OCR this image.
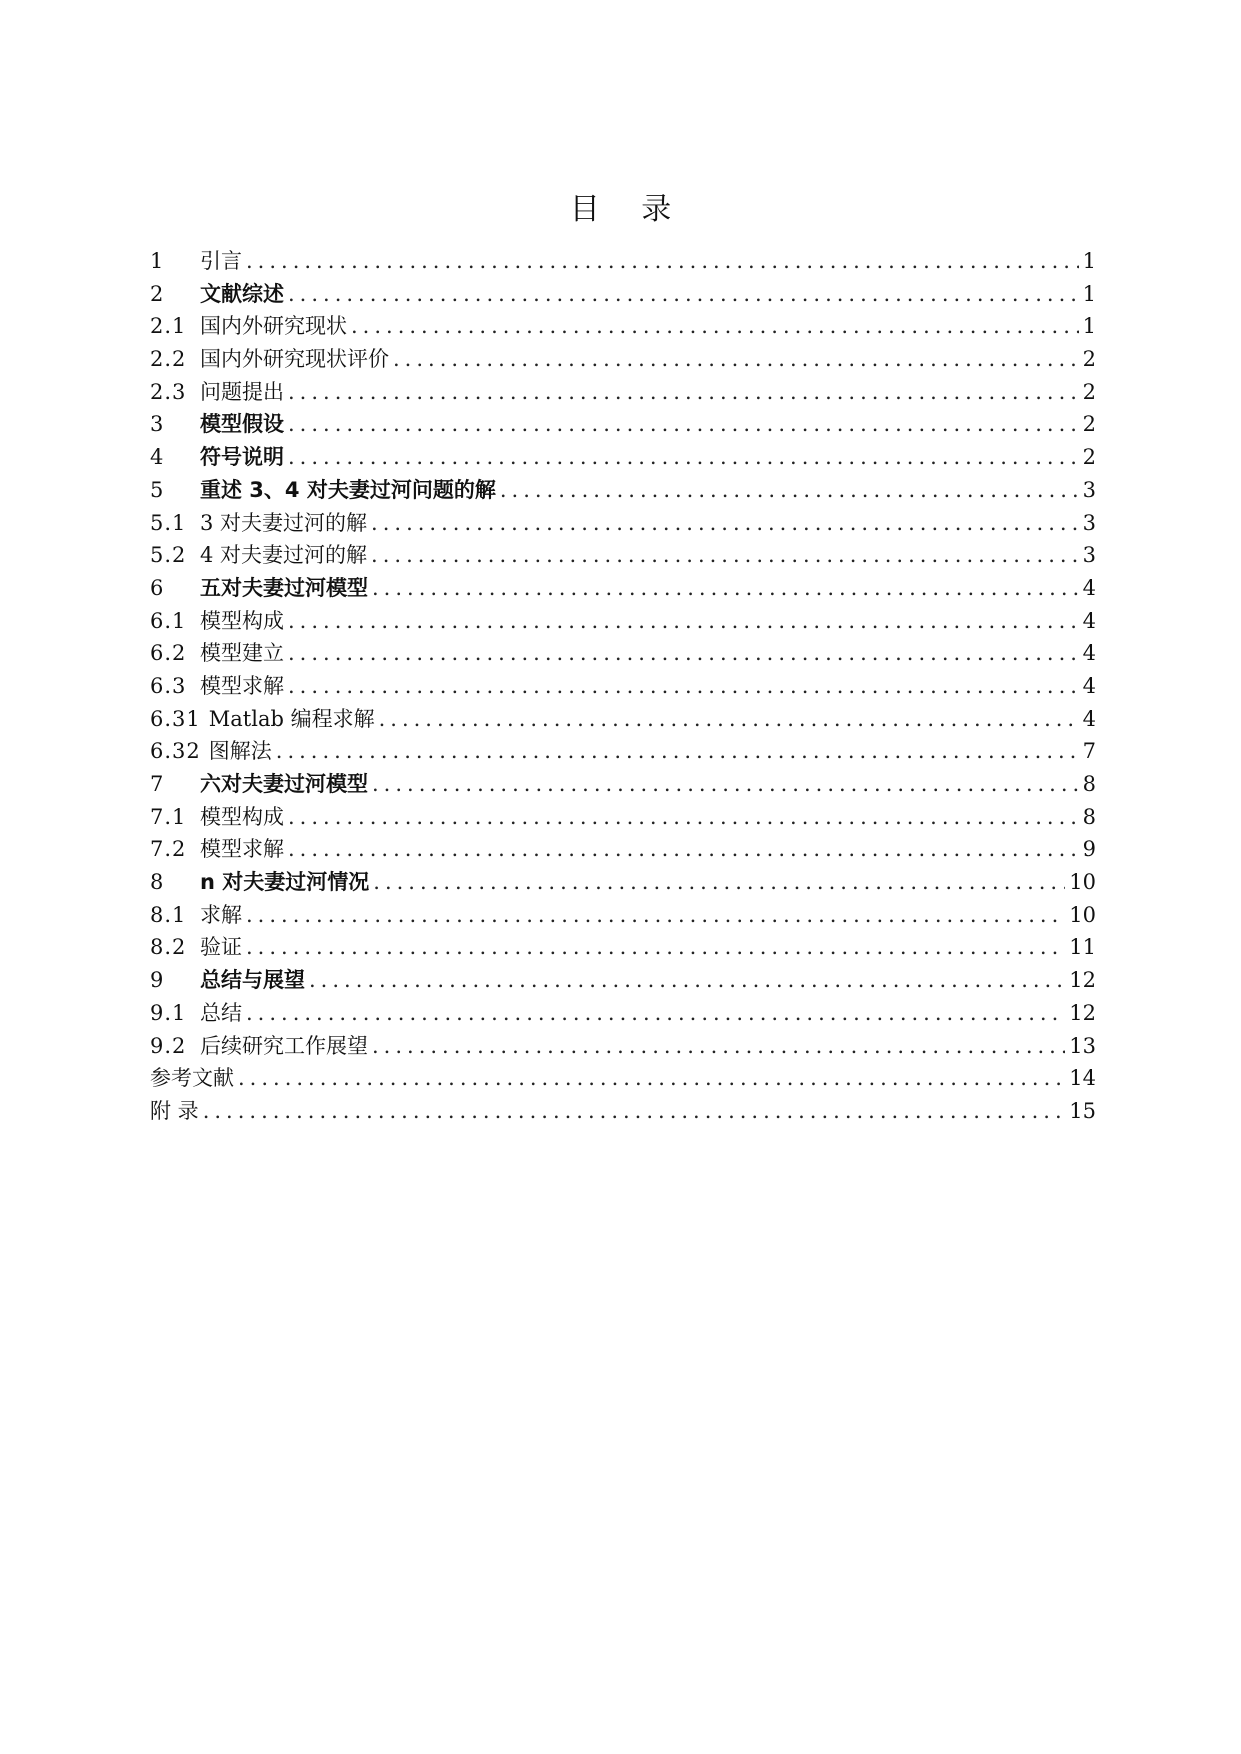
目 录
1	引言 .....	1
2	文献综述 .....	1
2.1 国内外研究现状 .....	1
2.2 国内外研究现状评价 .....	2
2.3 问题提出 .....	2
3	模型假设 .....	2
4	符号说明 .....	2
5	重述 3、4 对夫妻过河问题的解 .....	3
5.1 3 对夫妻过河的解 .....	3
5.2 4 对夫妻过河的解 .....	3
6	五对夫妻过河模型 .....	4
6.1 模型构成 .....	4
6.2 模型建立 .....	4
6.3 模型求解 .....	4
6.31 Matlab 编程求解 .....	4
6.32 图解法 .....	7
7	六对夫妻过河模型 .....	8
7.1 模型构成 .....	8
7.2 模型求解 .....	9
8	n 对夫妻过河情况 .....	10
8.1 求解 .....	10
8.2 验证 .....	11
9	总结与展望 .....	12
9.1 总结 .....	12
9.2 后续研究工作展望 .....	13
参考文献 .....	14
附 录 .....	15
